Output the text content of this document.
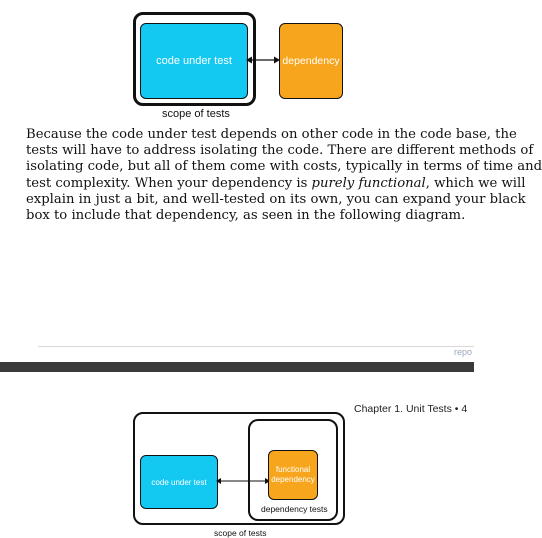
code under test	dependency
scope of tests

Because the code under test depends on other code in the code base, the
tests will have to address isolating the code. There are different methods of
isolating code, but all of them come with costs, typically in terms of time and
test complexity. When your dependency is purely functional, which we will
explain in just a bit, and well-tested on its own, you can expand your black
box to include that dependency, as seen in the following diagram.

repo
Chapter 1. Unit Tests • 4
code under test
functional
dependency
dependency tests
scope of tests
